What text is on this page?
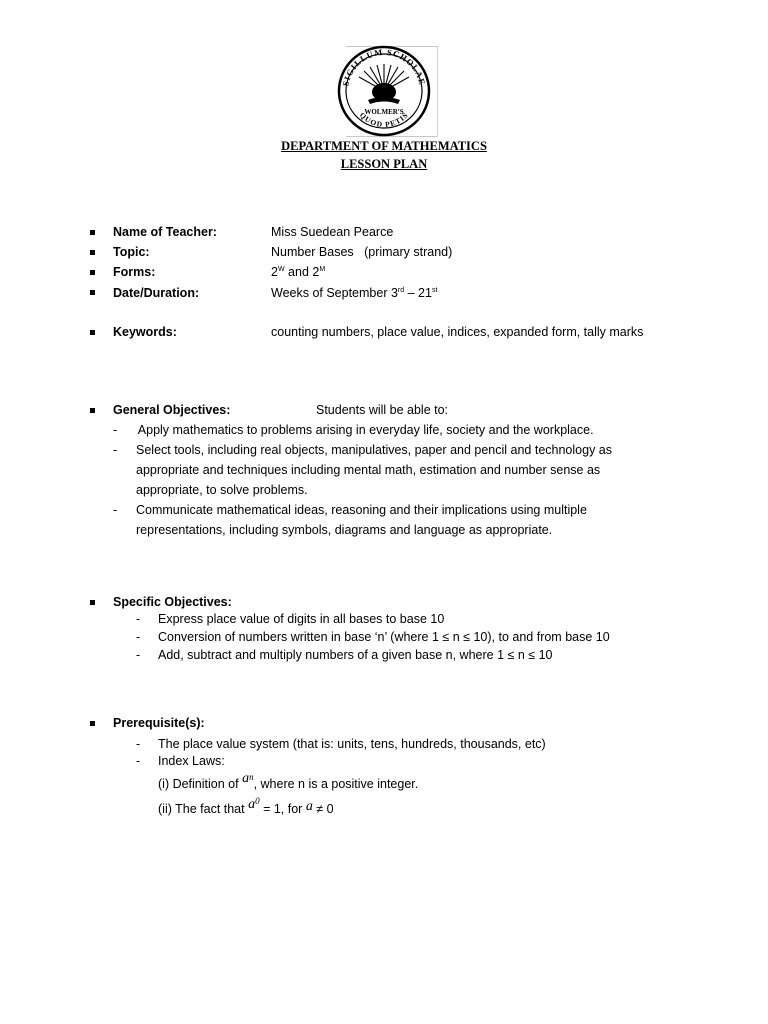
SIGILLUM SCHOLAE
QUOD PETIS
WOLMER'S
DEPARTMENT OF MATHEMATICS
LESSON PLAN
Name of Teacher:	Miss Suedean Pearce
Topic:	Number Bases   (primary strand)
Forms:	$2^W$ and $2^M$
Date/Duration:	Weeks of September 3rd – 21st
Keywords:	counting numbers, place value, indices, expanded form, tally marks
General Objectives:	Students will be able to:
- Apply mathematics to problems arising in everyday life, society and the workplace.
- Select tools, including real objects, manipulatives, paper and pencil and technology as
appropriate and techniques including mental math, estimation and number sense as
appropriate, to solve problems.
- Communicate mathematical ideas, reasoning and their implications using multiple
representations, including symbols, diagrams and language as appropriate.
Specific Objectives:
- Express place value of digits in all bases to base 10
- Conversion of numbers written in base ‘n’ (where 1 ≤ n ≤ 10), to and from base 10
- Add, subtract and multiply numbers of a given base n, where 1 ≤ n ≤ 10
Prerequisite(s):
- The place value system (that is: units, tens, hundreds, thousands, etc)
- Index Laws:
(i) Definition of $a^n$, where n is a positive integer.
(ii) The fact that $a^0 = 1$, for a ≠ 0
